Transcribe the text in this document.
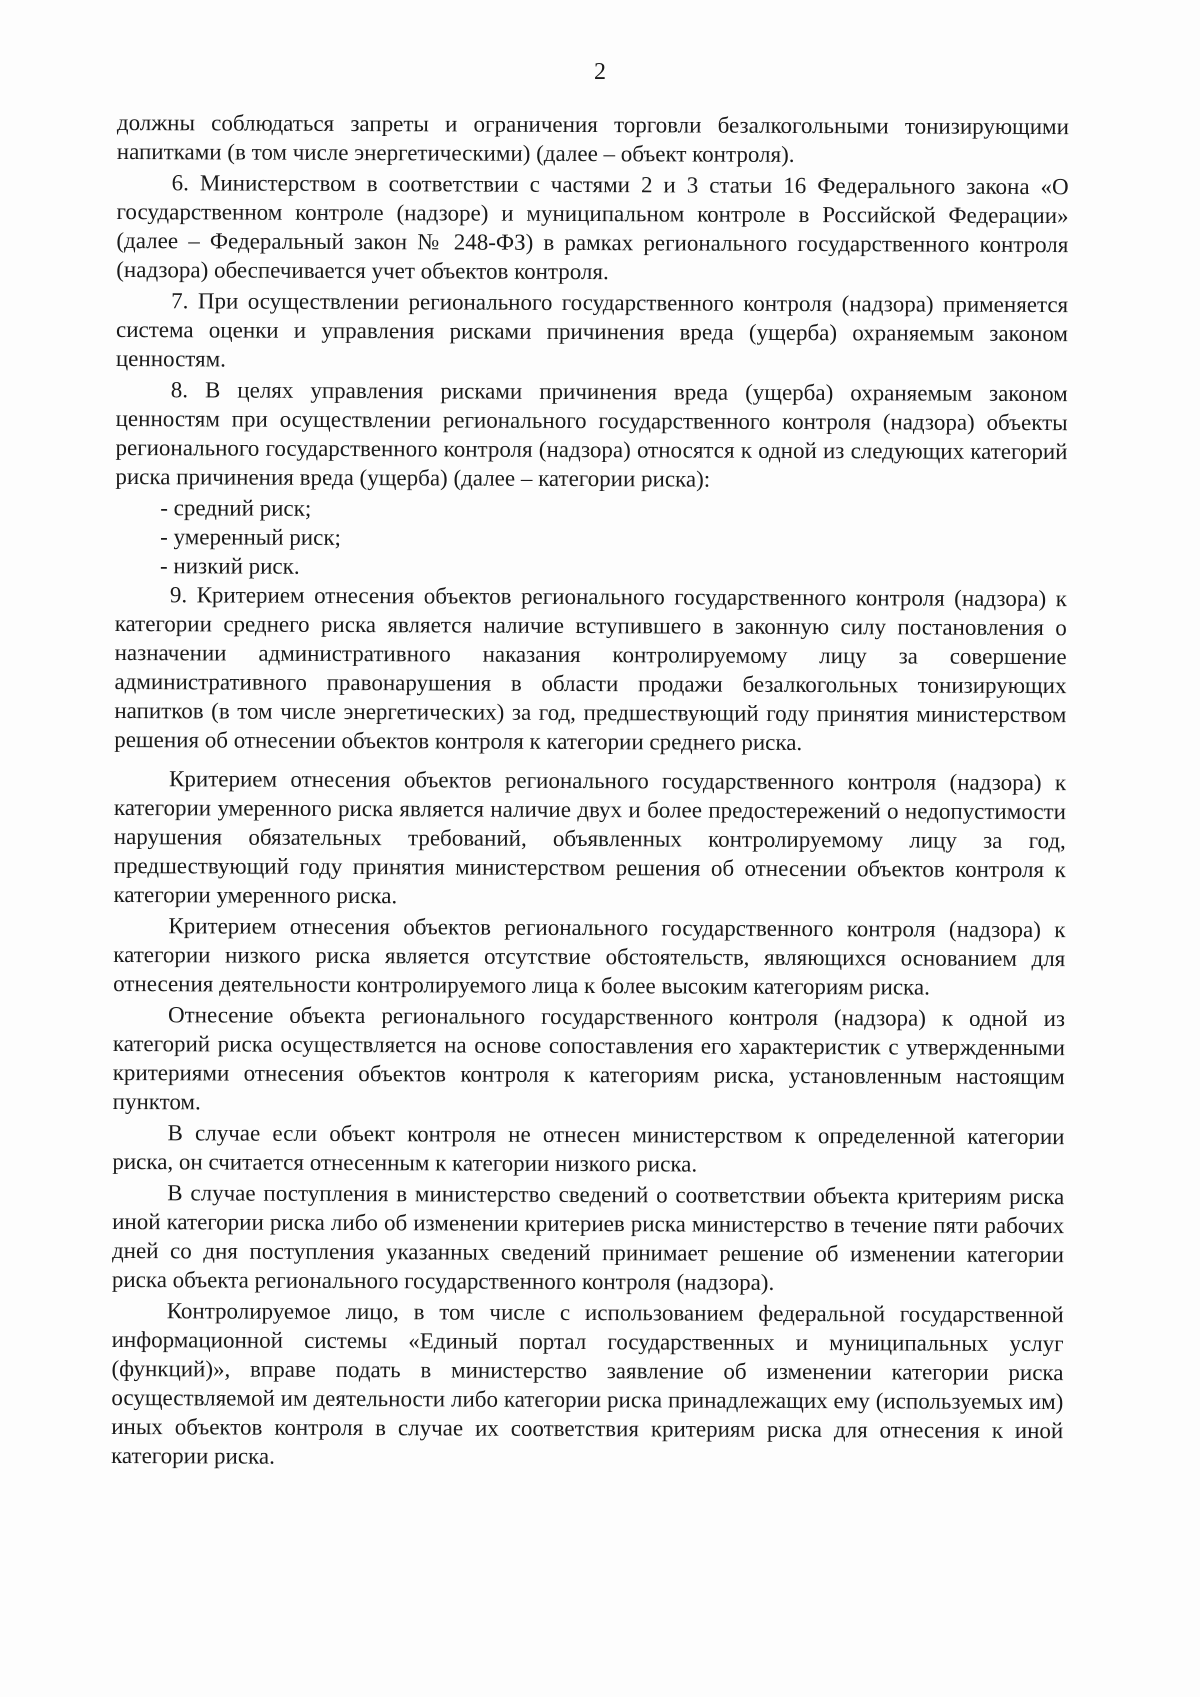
2

должны соблюдаться запреты и ограничения торговли безалкогольными тонизирующими напитками (в том числе энергетическими) (далее – объект контроля).

6. Министерством в соответствии с частями 2 и 3 статьи 16 Федерального закона «О государственном контроле (надзоре) и муниципальном контроле в Российской Федерации» (далее – Федеральный закон № 248-ФЗ) в рамках регионального государственного контроля (надзора) обеспечивается учет объектов контроля.

7. При осуществлении регионального государственного контроля (надзора) применяется система оценки и управления рисками причинения вреда (ущерба) охраняемым законом ценностям.

8. В целях управления рисками причинения вреда (ущерба) охраняемым законом ценностям при осуществлении регионального государственного контроля (надзора) объекты регионального государственного контроля (надзора) относятся к одной из следующих категорий риска причинения вреда (ущерба) (далее – категории риска):

- средний риск;

- умеренный риск;

- низкий риск.

9. Критерием отнесения объектов регионального государственного контроля (надзора) к категории среднего риска является наличие вступившего в законную силу постановления о назначении административного наказания контролируемому лицу за совершение административного правонарушения в области продажи безалкогольных тонизирующих напитков (в том числе энергетических) за год, предшествующий году принятия министерством решения об отнесении объектов контроля к категории среднего риска.

Критерием отнесения объектов регионального государственного контроля (надзора) к категории умеренного риска является наличие двух и более предостережений о недопустимости нарушения обязательных требований, объявленных контролируемому лицу за год, предшествующий году принятия министерством решения об отнесении объектов контроля к категории умеренного риска.

Критерием отнесения объектов регионального государственного контроля (надзора) к категории низкого риска является отсутствие обстоятельств, являющихся основанием для отнесения деятельности контролируемого лица к более высоким категориям риска.

Отнесение объекта регионального государственного контроля (надзора) к одной из категорий риска осуществляется на основе сопоставления его характеристик с утвержденными критериями отнесения объектов контроля к категориям риска, установленным настоящим пунктом.

В случае если объект контроля не отнесен министерством к определенной категории риска, он считается отнесенным к категории низкого риска.

В случае поступления в министерство сведений о соответствии объекта критериям риска иной категории риска либо об изменении критериев риска министерство в течение пяти рабочих дней со дня поступления указанных сведений принимает решение об изменении категории риска объекта регионального государственного контроля (надзора).

Контролируемое лицо, в том числе с использованием федеральной государственной информационной системы «Единый портал государственных и муниципальных услуг (функций)», вправе подать в министерство заявление об изменении категории риска осуществляемой им деятельности либо категории риска принадлежащих ему (используемых им) иных объектов контроля в случае их соответствия критериям риска для отнесения к иной категории риска.
